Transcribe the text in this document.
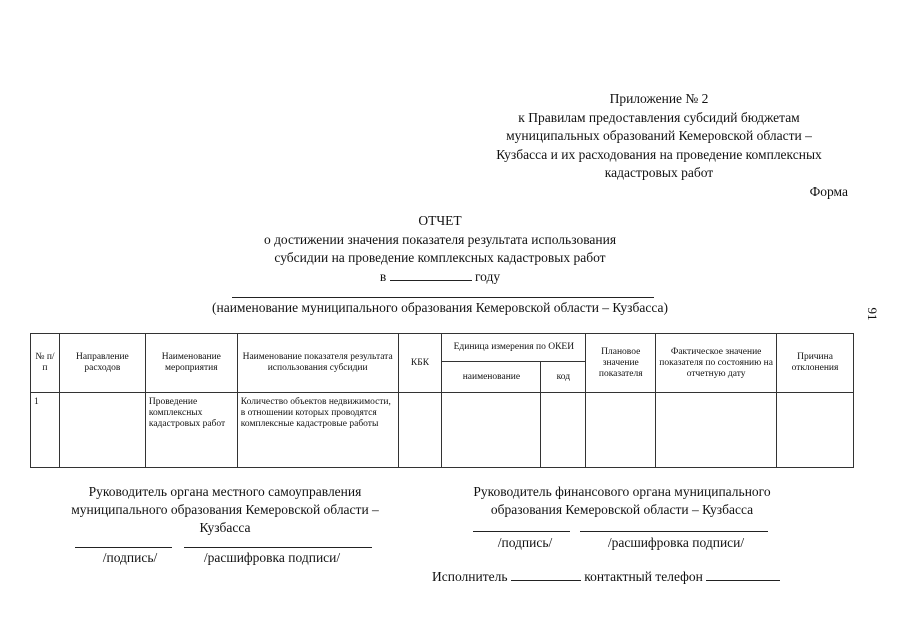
Приложение № 2
к Правилам предоставления субсидий бюджетам
муниципальных образований Кемеровской области –
Кузбасса и их расходования на проведение комплексных
кадастровых работ
Форма
ОТЧЕТ
о достижении значения показателя результата использования
субсидии на проведение комплексных кадастровых работ
в	году
(наименование муниципального образования Кемеровской области – Кузбасса)	91
№ п/п	Направление расходов	Наименование мероприятия	Наименование показателя результата использования субсидии	КБК	Единица измерения по ОКЕИ		Плановое значение показателя	Фактическое значение показателя по состоянию на отчетную дату	Причина отклонения
					наименование	код			
1		Проведение комплексных кадастровых работ	Количество объектов недвижимости, в отношении которых проводятся комплексные кадастровые работы						
Руководитель органа местного самоуправления
муниципального образования Кемеровской области –
Кузбасса
/подпись/	/расшифровка подписи/
Руководитель финансового органа муниципального
образования Кемеровской области – Кузбасса
/подпись/	/расшифровка подписи/
Исполнитель	контактный телефон
